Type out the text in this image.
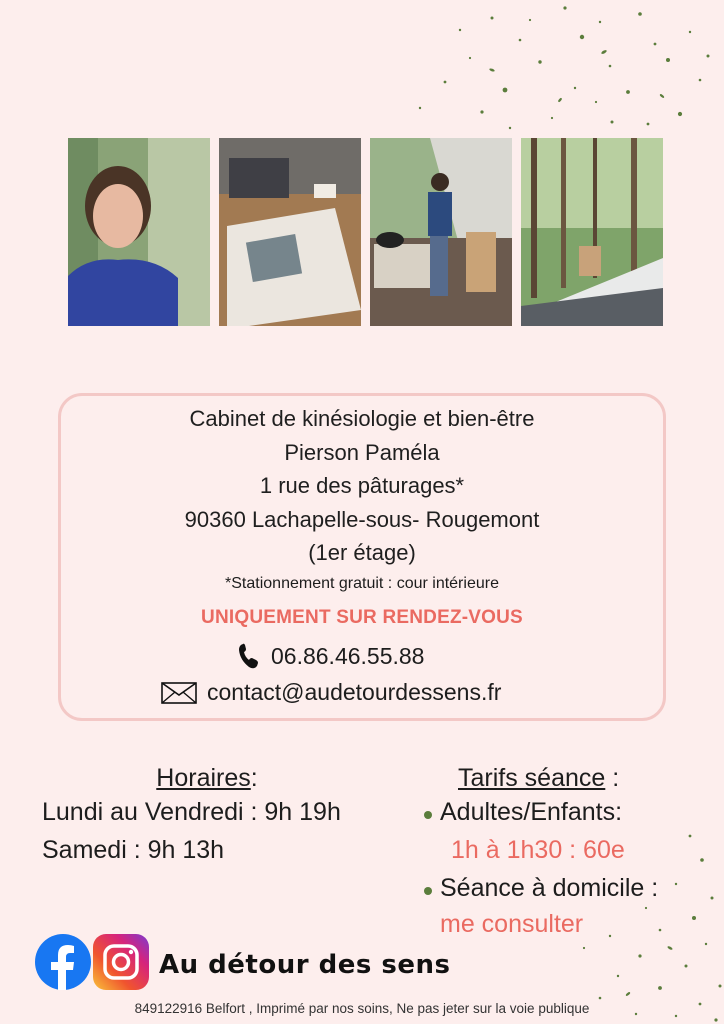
Cabinet de kinésiologie et bien-être
Pierson Paméla
1 rue des pâturages*
90360 Lachapelle-sous- Rougemont
(1er étage)
*Stationnement gratuit : cour intérieure
UNIQUEMENT SUR RENDEZ-VOUS
06.86.46.55.88
contact@audetourdessens.fr
Horaires:
Lundi au Vendredi : 9h 19h
Samedi : 9h 13h
Tarifs séance :
Adultes/Enfants:
1h à 1h30 : 60e
Séance à domicile :
me consulter
Au détour des sens
849122916 Belfort , Imprimé par nos soins, Ne pas jeter sur la voie publique
